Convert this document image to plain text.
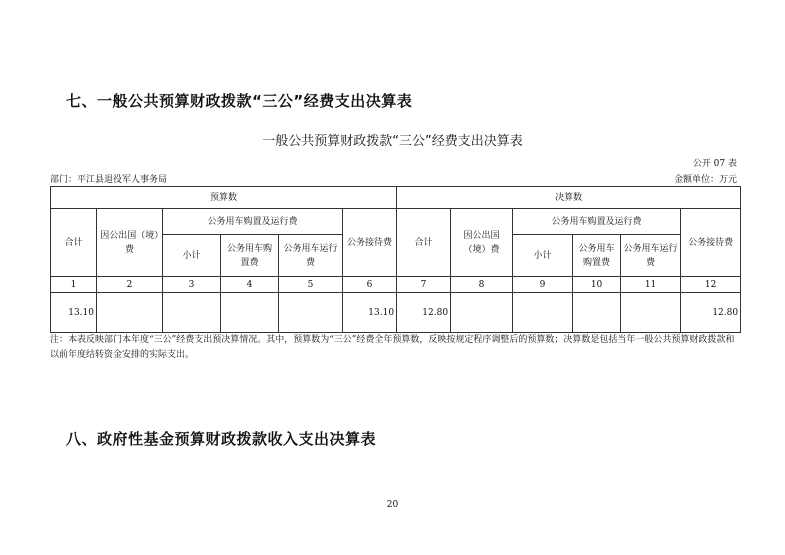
七、一般公共预算财政拨款“三公”经费支出决算表
一般公共预算财政拨款“三公”经费支出决算表
公开 07 表
部门：平江县退役军人事务局	金额单位：万元
预算数						决算数					
合计	因公出国（境）费	公务用车购置及运行费			公务接待费	合计	因公出国（境）费	公务用车购置及运行费			公务接待费
		小计	公务用车购置费	公务用车运行费				小计	公务用车购置费	公务用车运行费	
1	2	3	4	5	6	7	8	9	10	11	12
13.10					13.10	12.80					12.80
注：本表反映部门本年度“三公”经费支出预决算情况。其中，预算数为“三公”经费全年预算数，反映按规定程序调整后的预算数；决算数是包括当年一般公共预算财政拨款和以前年度结转资金安排的实际支出。
八、政府性基金预算财政拨款收入支出决算表
20
